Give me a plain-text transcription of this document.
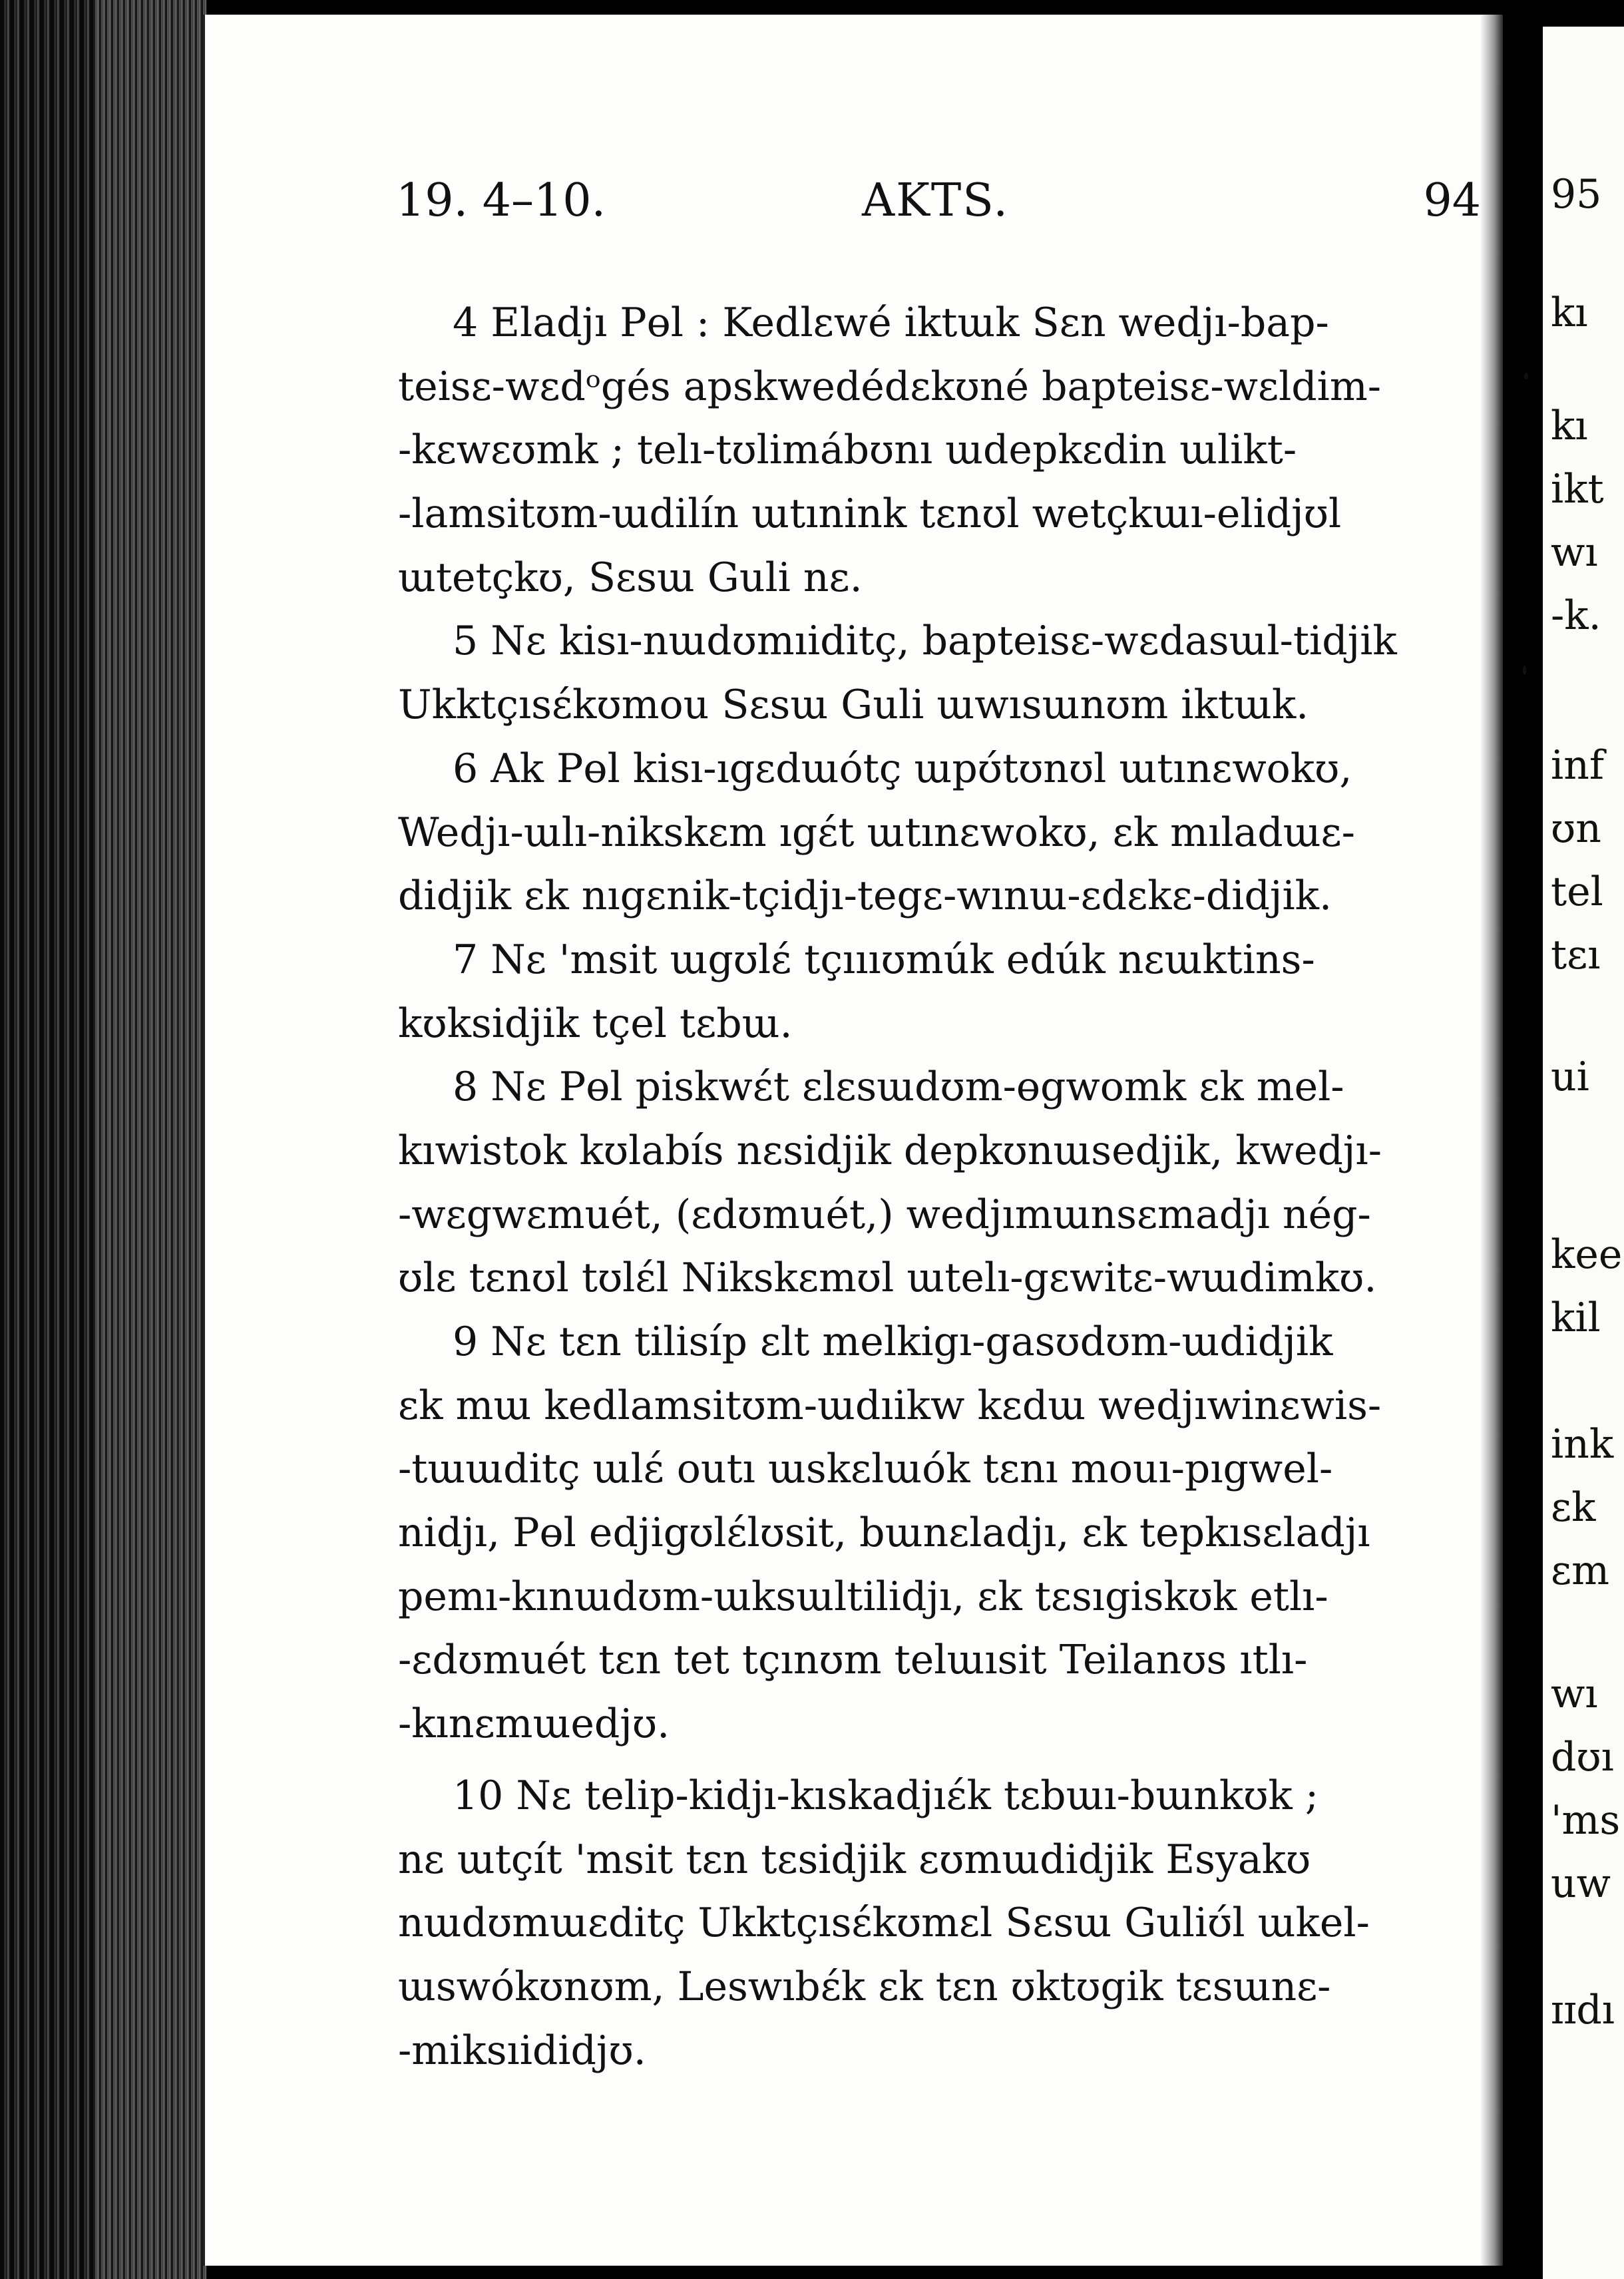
95
kı
kı
ikt
wı
-k.
inf
ʊn
tel
tɛı
ui
kee
kil
ink
ɛk
ɛm
wı
dʊı
'ms
uw
ɪɪdı
19. 4–10.	AKTS.	94
4 Eladjı Pɵl : Kedlɛwé iktɯk Sɛn wedjı-bap-
teisɛ-wɛdᵒgés apskwedédɛkʊné bapteisɛ-wɛldim-
-kɛwɛʊmk ; telı-tʊlimábʊnı ɯdepkɛdin ɯlikt-
-lamsitʊm-ɯdilín ɯtınink tɛnʊl wetçkɯı-elidjʊl
ɯtetçkʊ, Sɛsɯ Guli nɛ.
5 Nɛ kisı-nɯdʊmıiditç, bapteisɛ-wɛdasɯl-tidjik
Ukktçısɛ́kʊmou Sɛsɯ Guli ɯwısɯnʊm iktɯk.
6 Ak Pɵl kisı-ıgɛdɯótç ɯpʊ́tʊnʊl ɯtınɛwokʊ,
Wedjı-ɯlı-nikskɛm ıgɛ́t ɯtınɛwokʊ, ɛk mıladɯɛ-
didjik ɛk nıgɛnik-tçidjı-tegɛ-wınɯ-ɛdɛkɛ-didjik.
7 Nɛ 'msit ɯgʊlɛ́ tçıııʊmúk edúk nɛɯktins-
kʊksidjik tçel tɛbɯ.
8 Nɛ Pɵl piskwɛ́t ɛlɛsɯdʊm-ɵgwomk ɛk mel-
kıwistok kʊlabís nɛsidjik depkʊnɯsedjik, kwedjı-
-wɛgwɛmuét, (ɛdʊmuét,) wedjımɯnsɛmadjı nég-
ʊlɛ tɛnʊl tʊlɛ́l Nikskɛmʊl ɯtelı-gɛwitɛ-wɯdimkʊ.
9 Nɛ tɛn tilisíp ɛlt melkigı-gasʊdʊm-ɯdidjik
ɛk mɯ kedlamsitʊm-ɯdıikw kɛdɯ wedjıwinɛwis-
-tɯɯditç ɯlɛ́ outı ɯskɛlɯók tɛnı mouı-pıgwel-
nidjı, Pɵl edjigʊlɛ́lʊsit, bɯnɛladjı, ɛk tepkısɛladjı
pemı-kınɯdʊm-ɯksɯltilidjı, ɛk tɛsıgiskʊk etlı-
-ɛdʊmuét tɛn tet tçınʊm telɯısit Teilanʊs ıtlı-
-kınɛmɯedjʊ.
10 Nɛ telip-kidjı-kıskadjıɛ́k tɛbɯı-bɯnkʊk ;
nɛ ɯtçít 'msit tɛn tɛsidjik ɛʊmɯdidjik Esyakʊ
nɯdʊmɯɛditç Ukktçısɛ́kʊmɛl Sɛsɯ Guliʊ́l ɯkel-
ɯswókʊnʊm, Leswıbɛ́k ɛk tɛn ʊktʊgik tɛsɯnɛ-
-miksıididjʊ.
